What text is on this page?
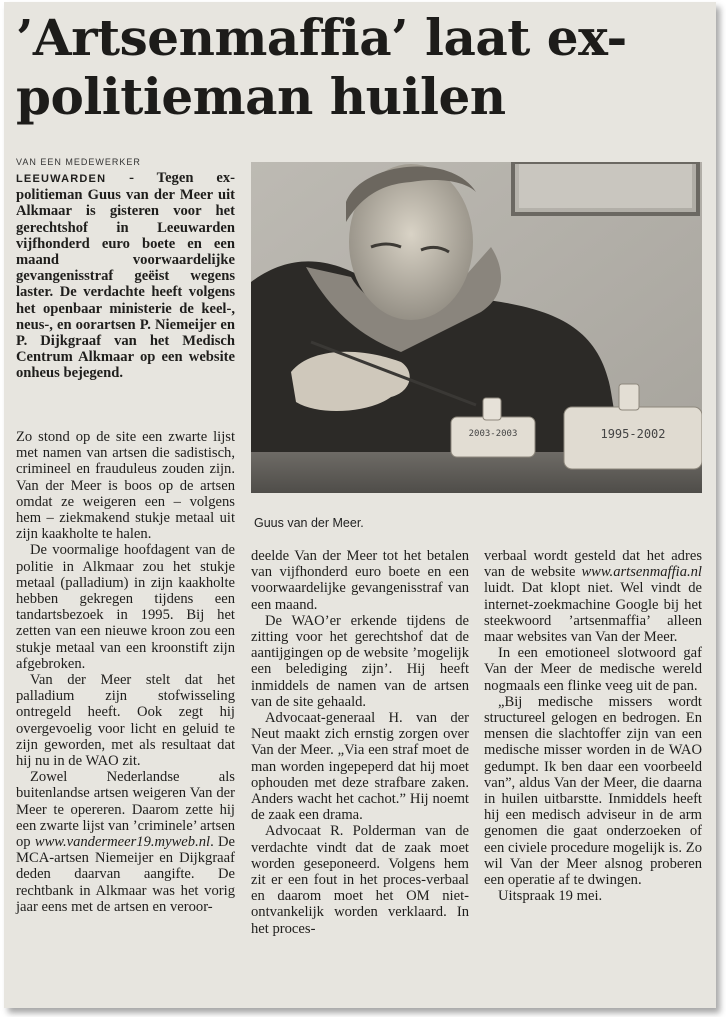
’Artsenmaffia’ laat ex-politieman huilen
VAN EEN MEDEWERKER

LEEUWARDEN - Tegen ex-politieman Guus van der Meer uit Alkmaar is gisteren voor het gerechtshof in Leeuwarden vijfhonderd euro boete en een maand voorwaardelijke gevangenisstraf geëist wegens laster. De verdachte heeft volgens het openbaar ministerie de keel-, neus-, en oorartsen P. Niemeijer en P. Dijkgraaf van het Medisch Centrum Alkmaar op een website onheus bejegend.

Zo stond op de site een zwarte lijst met namen van artsen die sadistisch, crimineel en frauduleus zouden zijn. Van der Meer is boos op de artsen omdat ze weigeren een – volgens hem – ziekmakend stukje metaal uit zijn kaakholte te halen.

De voormalige hoofdagent van de politie in Alkmaar zou het stukje metaal (palladium) in zijn kaakholte hebben gekregen tijdens een tandartsbezoek in 1995. Bij het zetten van een nieuwe kroon zou een stukje metaal van een kroonstift zijn afgebroken.

Van der Meer stelt dat het palladium zijn stofwisseling ontregeld heeft. Ook zegt hij overgevoelig voor licht en geluid te zijn geworden, met als resultaat dat hij nu in de WAO zit.

Zowel Nederlandse als buitenlandse artsen weigeren Van der Meer te opereren. Daarom zette hij een zwarte lijst van ’criminele’ artsen op www.vandermeer19.myweb.nl. De MCA-artsen Niemeijer en Dijkgraaf deden daarvan aangifte. De rechtbank in Alkmaar was het vorig jaar eens met de artsen en veroor-

2003-2003	1995-2002
Guus van der Meer.

deelde Van der Meer tot het betalen van vijfhonderd euro boete en een voorwaardelijke gevangenisstraf van een maand.

De WAO’er erkende tijdens de zitting voor het gerechtshof dat de aantijgingen op de website ’mogelijk een belediging zijn’. Hij heeft inmiddels de namen van de artsen van de site gehaald.

Advocaat-generaal H. van der Neut maakt zich ernstig zorgen over Van der Meer. „Via een straf moet de man worden ingepeperd dat hij moet ophouden met deze strafbare zaken. Anders wacht het cachot.” Hij noemt de zaak een drama.

Advocaat R. Polderman van de verdachte vindt dat de zaak moet worden geseponeerd. Volgens hem zit er een fout in het proces-verbaal en daarom moet het OM niet-ontvankelijk worden verklaard. In het proces-

verbaal wordt gesteld dat het adres van de website www.artsenmaffia.nl luidt. Dat klopt niet. Wel vindt de internet-zoekmachine Google bij het steekwoord ’artsenmaffia’ alleen maar websites van Van der Meer.

In een emotioneel slotwoord gaf Van der Meer de medische wereld nogmaals een flinke veeg uit de pan.

„Bij medische missers wordt structureel gelogen en bedrogen. En mensen die slachtoffer zijn van een medische misser worden in de WAO gedumpt. Ik ben daar een voorbeeld van”, aldus Van der Meer, die daarna in huilen uitbarstte. Inmiddels heeft hij een medisch adviseur in de arm genomen die gaat onderzoeken of een civiele procedure mogelijk is. Zo wil Van der Meer alsnog proberen een operatie af te dwingen.

Uitspraak 19 mei.
